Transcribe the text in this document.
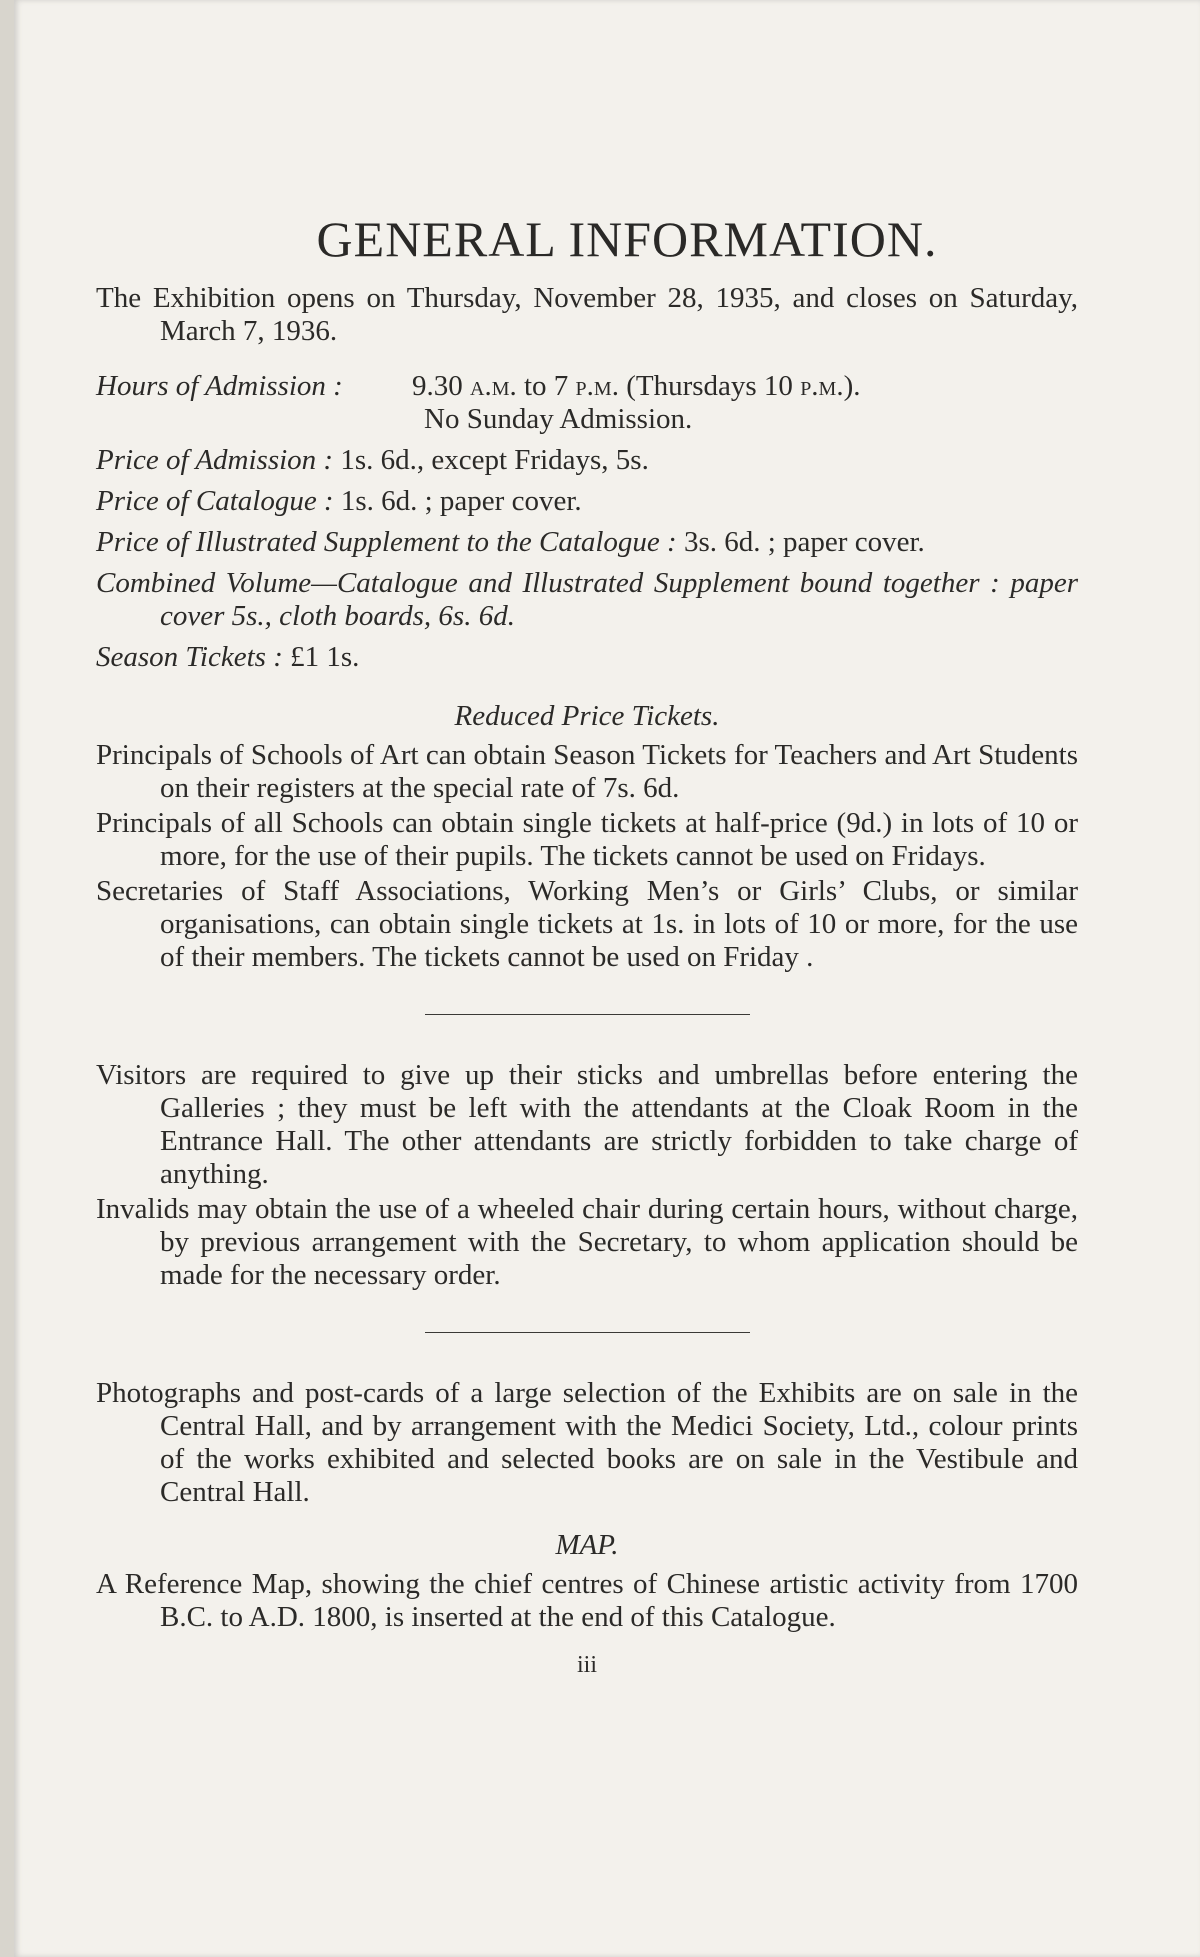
GENERAL INFORMATION.

The Exhibition opens on Thursday, November 28, 1935, and closes on Saturday, March 7, 1936.

Hours of Admission :	9.30 a.m. to 7 p.m. (Thursdays 10 p.m.).

No Sunday Admission.

Price of Admission : 1s. 6d., except Fridays, 5s.

Price of Catalogue : 1s. 6d. ; paper cover.

Price of Illustrated Supplement to the Catalogue : 3s. 6d. ; paper cover.

Combined Volume—Catalogue and Illustrated Supplement bound together : paper cover 5s., cloth boards, 6s. 6d.

Season Tickets : £1 1s.

Reduced Price Tickets.

Principals of Schools of Art can obtain Season Tickets for Teachers and Art Students on their registers at the special rate of 7s. 6d.

Principals of all Schools can obtain single tickets at half-price (9d.) in lots of 10 or more, for the use of their pupils. The tickets cannot be used on Fridays.

Secretaries of Staff Associations, Working Men’s or Girls’ Clubs, or similar organisations, can obtain single tickets at 1s. in lots of 10 or more, for the use of their members. The tickets cannot be used on Friday .

Visitors are required to give up their sticks and umbrellas before entering the Galleries ; they must be left with the attendants at the Cloak Room in the Entrance Hall. The other attendants are strictly forbidden to take charge of anything.

Invalids may obtain the use of a wheeled chair during certain hours, without charge, by previous arrangement with the Secretary, to whom application should be made for the necessary order.

Photographs and post-cards of a large selection of the Exhibits are on sale in the Central Hall, and by arrangement with the Medici Society, Ltd., colour prints of the works exhibited and selected books are on sale in the Vestibule and Central Hall.

MAP.

A Reference Map, showing the chief centres of Chinese artistic activity from 1700 B.C. to A.D. 1800, is inserted at the end of this Catalogue.

iii
